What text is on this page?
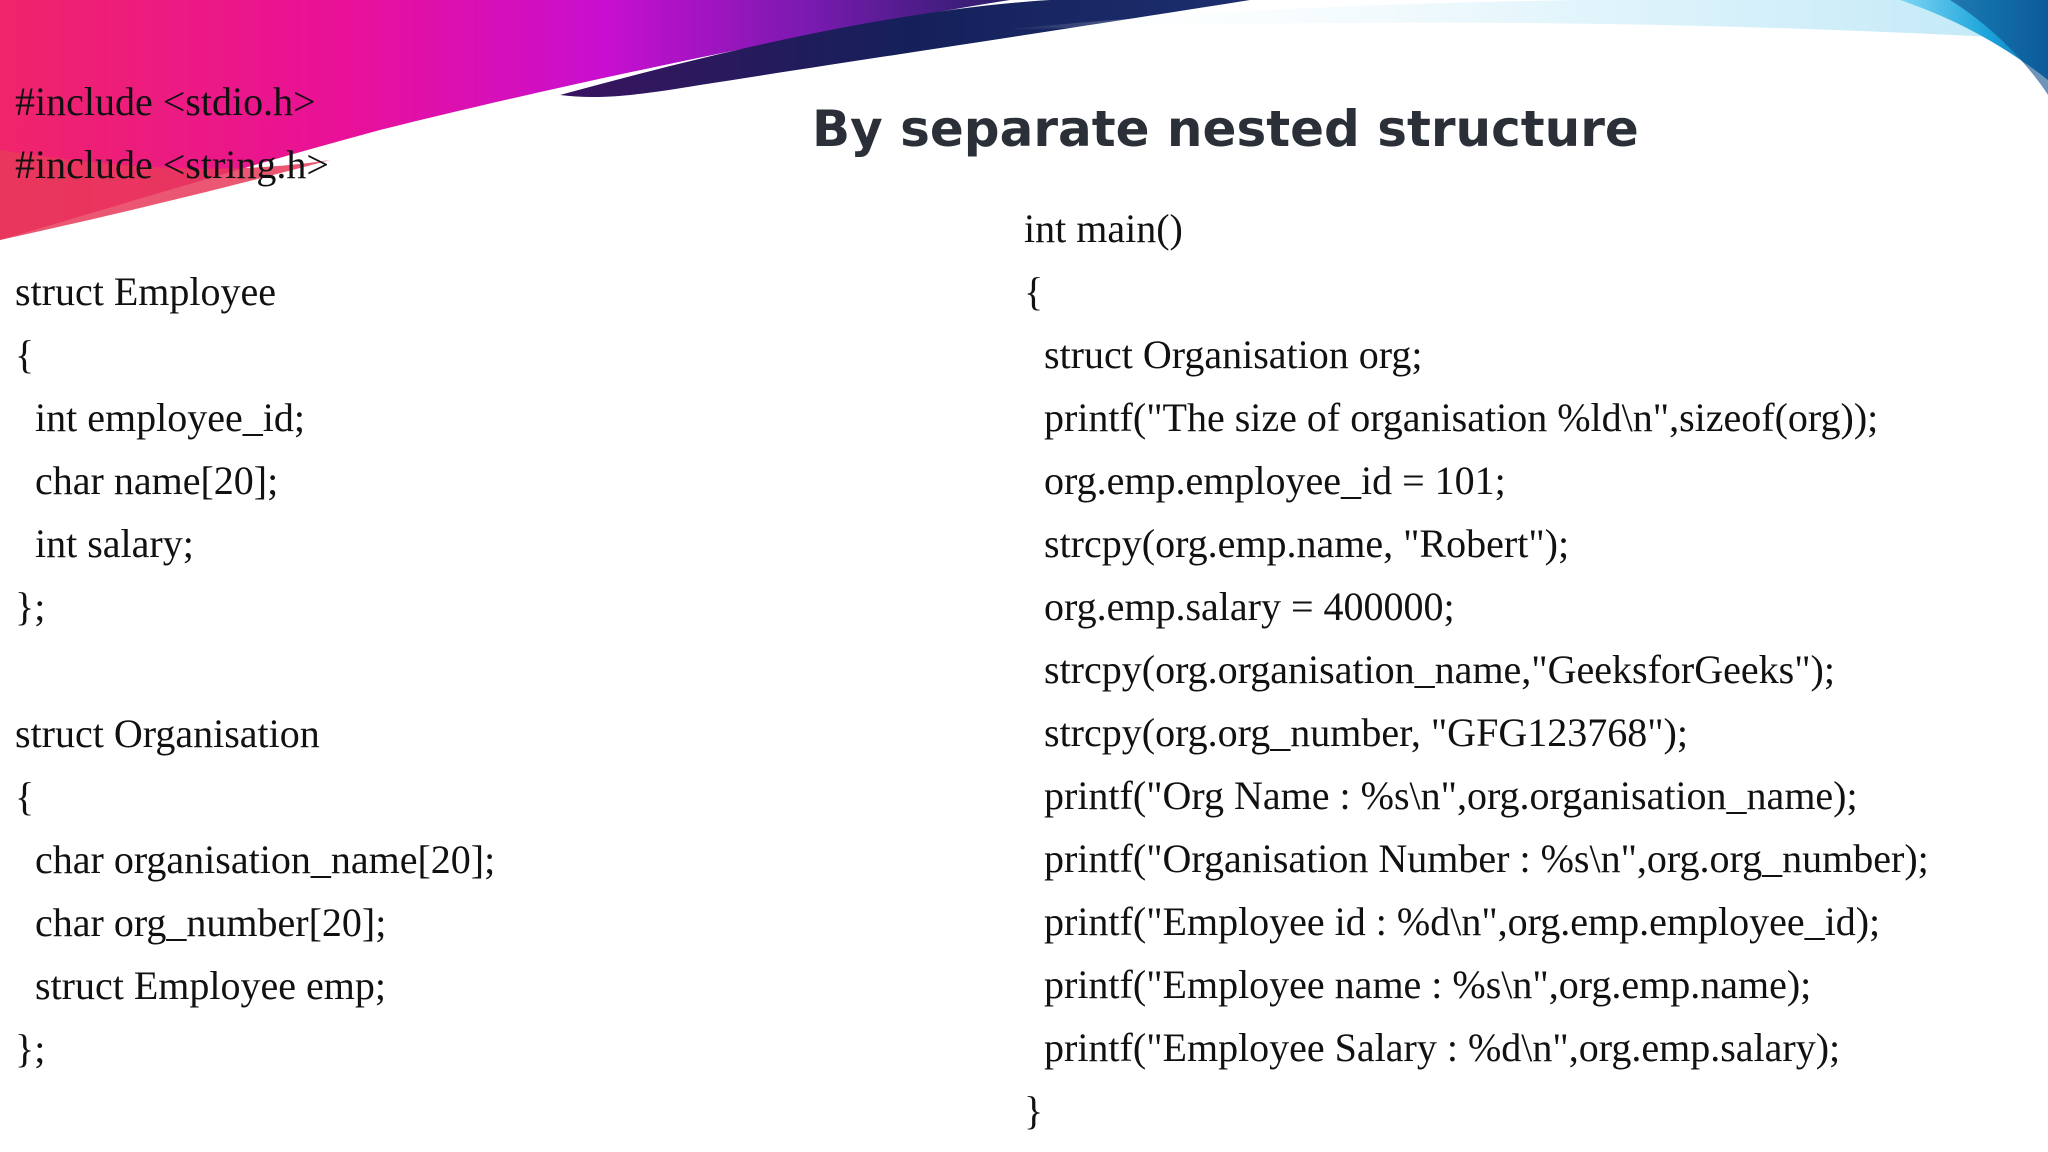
By separate nested structure
#include <stdio.h>
#include <string.h>
struct Employee
{
int employee_id;
char name[20];
int salary;
};
struct Organisation
{
char organisation_name[20];
char org_number[20];
struct Employee emp;
};
int main()
{
struct Organisation org;
printf("The size of organisation %ld\n",sizeof(org));
org.emp.employee_id = 101;
strcpy(org.emp.name, "Robert");
org.emp.salary = 400000;
strcpy(org.organisation_name,"GeeksforGeeks");
strcpy(org.org_number, "GFG123768");
printf("Org Name : %s\n",org.organisation_name);
printf("Organisation Number : %s\n",org.org_number);
printf("Employee id : %d\n",org.emp.employee_id);
printf("Employee name : %s\n",org.emp.name);
printf("Employee Salary : %d\n",org.emp.salary);
}
